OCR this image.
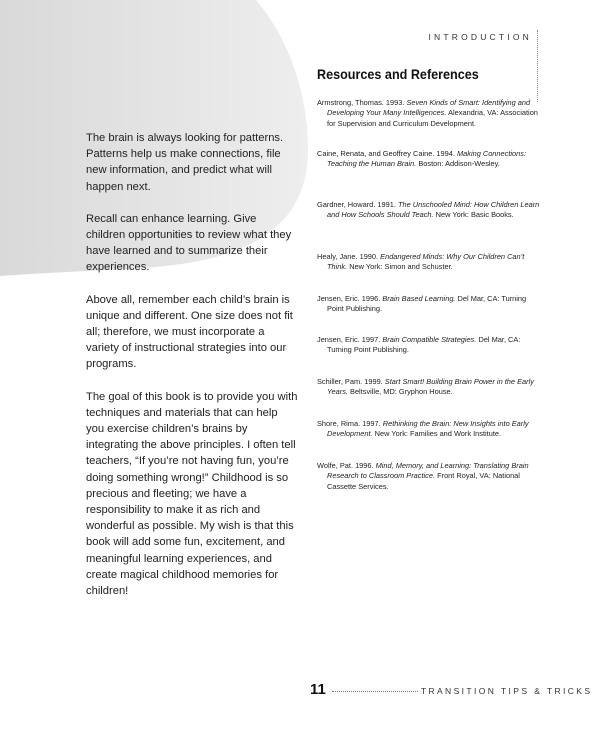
INTRODUCTION

The brain is always looking for patterns. Patterns help us make connections, file new information, and predict what will happen next.

Recall can enhance learning. Give children opportunities to review what they have learned and to summarize their experiences.

Above all, remember each child’s brain is unique and different. One size does not fit all; therefore, we must incorporate a variety of instructional strategies into our programs.

The goal of this book is to provide you with techniques and materials that can help you exercise children’s brains by integrating the above principles. I often tell teachers, “If you’re not having fun, you’re doing something wrong!” Childhood is so precious and fleeting; we have a responsibility to make it as rich and wonderful as possible. My wish is that this book will add some fun, excitement, and meaningful learning experiences, and create magical childhood memories for children!

Resources and References

Armstrong, Thomas. 1993. Seven Kinds of Smart: Identifying and Developing Your Many Intelligences. Alexandria, VA: Association for Supervision and Curriculum Development.

Caine, Renata, and Geoffrey Caine. 1994. Making Connections: Teaching the Human Brain. Boston: Addison-Wesley.

Gardner, Howard. 1991. The Unschooled Mind: How Children Learn and How Schools Should Teach. New York: Basic Books.

Healy, Jane. 1990. Endangered Minds: Why Our Children Can’t Think. New York: Simon and Schuster.

Jensen, Eric. 1996. Brain Based Learning. Del Mar, CA: Turning Point Publishing.

Jensen, Eric. 1997. Brain Compatible Strategies. Del Mar, CA: Turning Point Publishing.

Schiller, Pam. 1999. Start Smart! Building Brain Power in the Early Years. Beltsville, MD: Gryphon House.

Shore, Rima. 1997. Rethinking the Brain: New Insights into Early Development. New York: Families and Work Institute.

Wolfe, Pat. 1996. Mind, Memory, and Learning: Translating Brain Research to Classroom Practice. Front Royal, VA: National Cassette Services.

11	TRANSITION TIPS & TRICKS
